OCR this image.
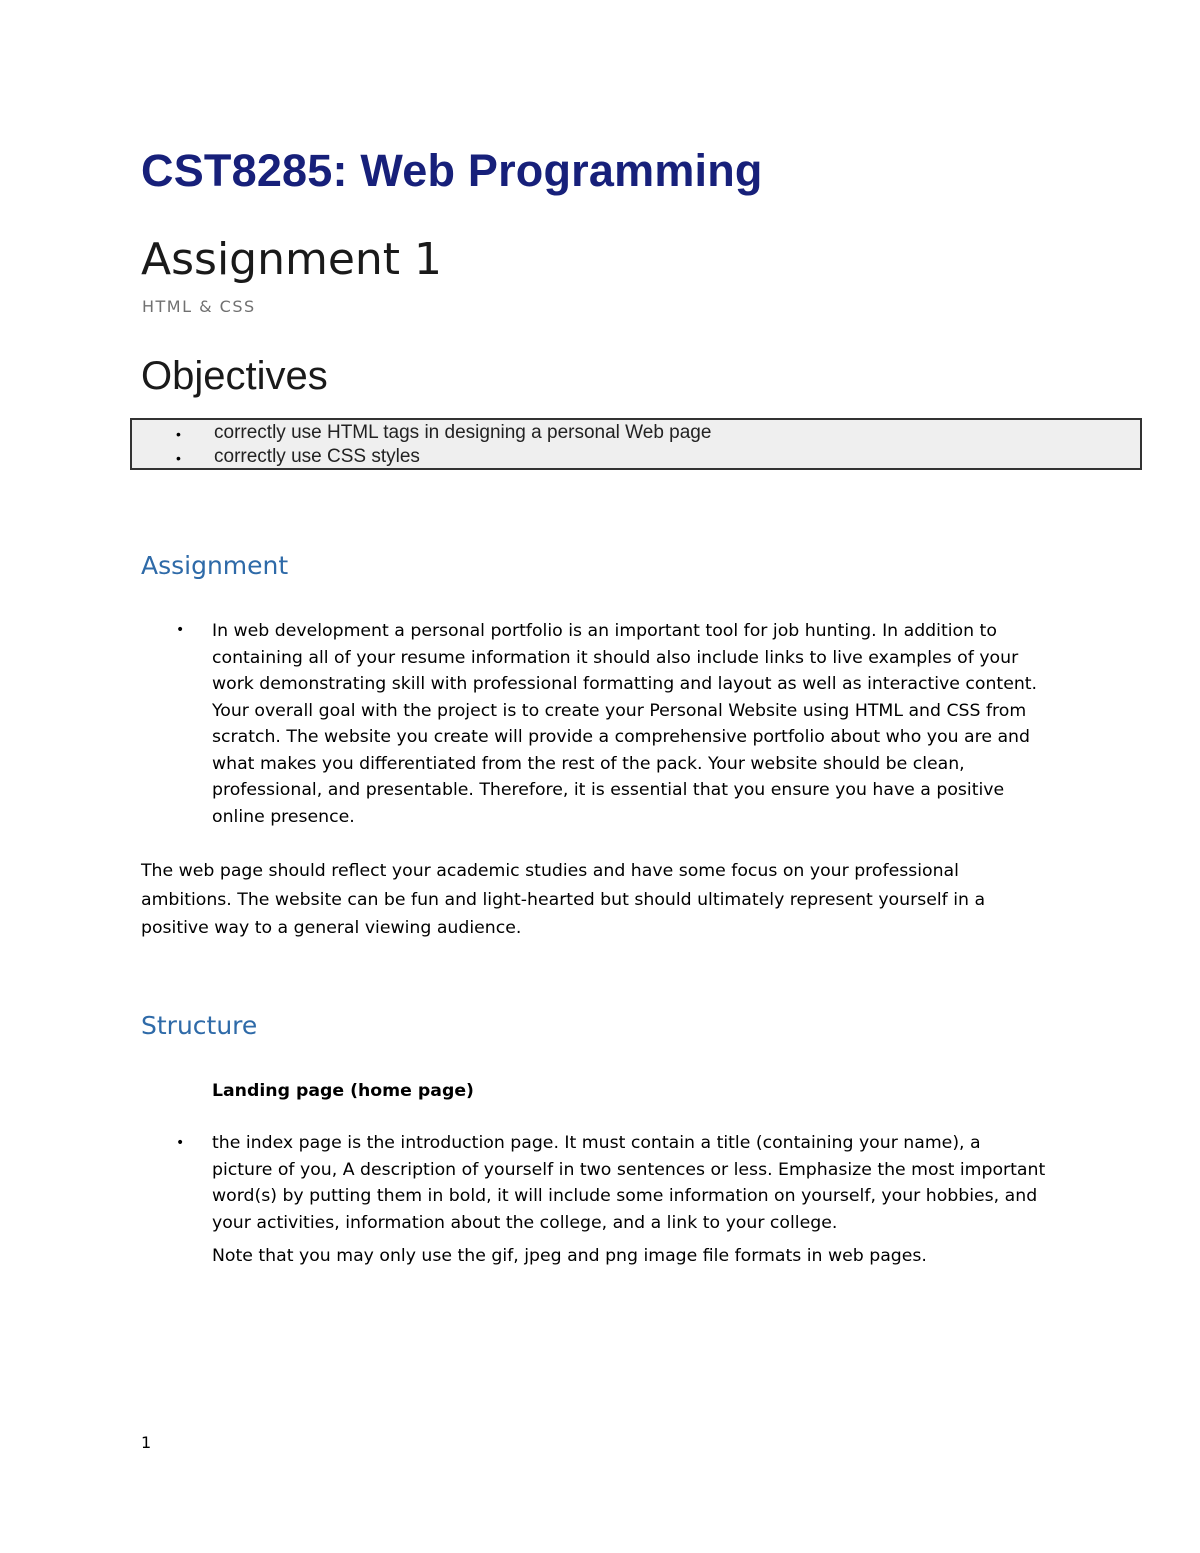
CST8285: Web Programming
Assignment 1
HTML & CSS
Objectives
• correctly use HTML tags in designing a personal Web page
• correctly use CSS styles
Assignment
• In web development a personal portfolio is an important tool for job hunting. In addition to
containing all of your resume information it should also include links to live examples of your
work demonstrating skill with professional formatting and layout as well as interactive content.
Your overall goal with the project is to create your Personal Website using HTML and CSS from
scratch. The website you create will provide a comprehensive portfolio about who you are and
what makes you differentiated from the rest of the pack. Your website should be clean,
professional, and presentable. Therefore, it is essential that you ensure you have a positive
online presence.
The web page should reflect your academic studies and have some focus on your professional
ambitions. The website can be fun and light-hearted but should ultimately represent yourself in a
positive way to a general viewing audience.
Structure
Landing page (home page)
• the index page is the introduction page. It must contain a title (containing your name), a
picture of you, A description of yourself in two sentences or less. Emphasize the most important
word(s) by putting them in bold, it will include some information on yourself, your hobbies, and
your activities, information about the college, and a link to your college.
Note that you may only use the gif, jpeg and png image file formats in web pages.
1
